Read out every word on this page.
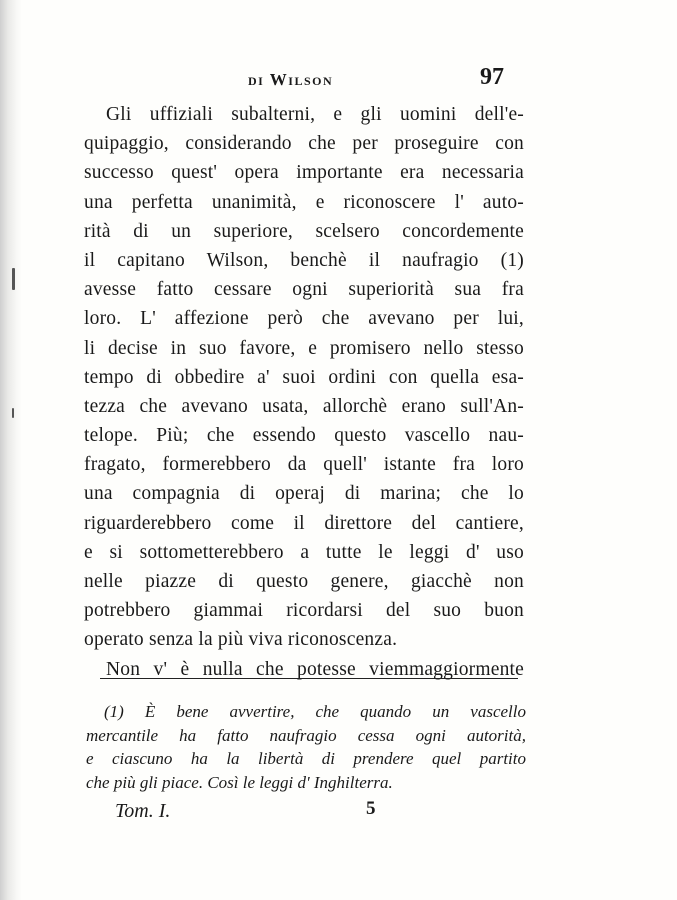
di Wilson	97
Gli uffiziali subalterni, e gli uomini dell'e-
quipaggio, considerando che per proseguire con
successo quest' opera importante era necessaria
una perfetta unanimità, e riconoscere l' auto-
rità di un superiore, scelsero concordemente
il capitano Wilson, benchè il naufragio (1)
avesse fatto cessare ogni superiorità sua fra
loro. L' affezione però che avevano per lui,
li decise in suo favore, e promisero nello stesso
tempo di obbedire a' suoi ordini con quella esa-
tezza che avevano usata, allorchè erano sull'An-
telope. Più; che essendo questo vascello nau-
fragato, formerebbero da quell' istante fra loro
una compagnia di operaj di marina; che lo
riguarderebbero come il direttore del cantiere,
e si sottometterebbero a tutte le leggi d' uso
nelle piazze di questo genere, giacchè non
potrebbero giammai ricordarsi del suo buon
operato senza la più viva riconoscenza.
Non v' è nulla che potesse viemmaggiormente
(1) È bene avvertire, che quando un vascello
mercantile ha fatto naufragio cessa ogni autorità,
e ciascuno ha la libertà di prendere quel partito
che più gli piace. Così le leggi d' Inghilterra.
Tom. I.	5
